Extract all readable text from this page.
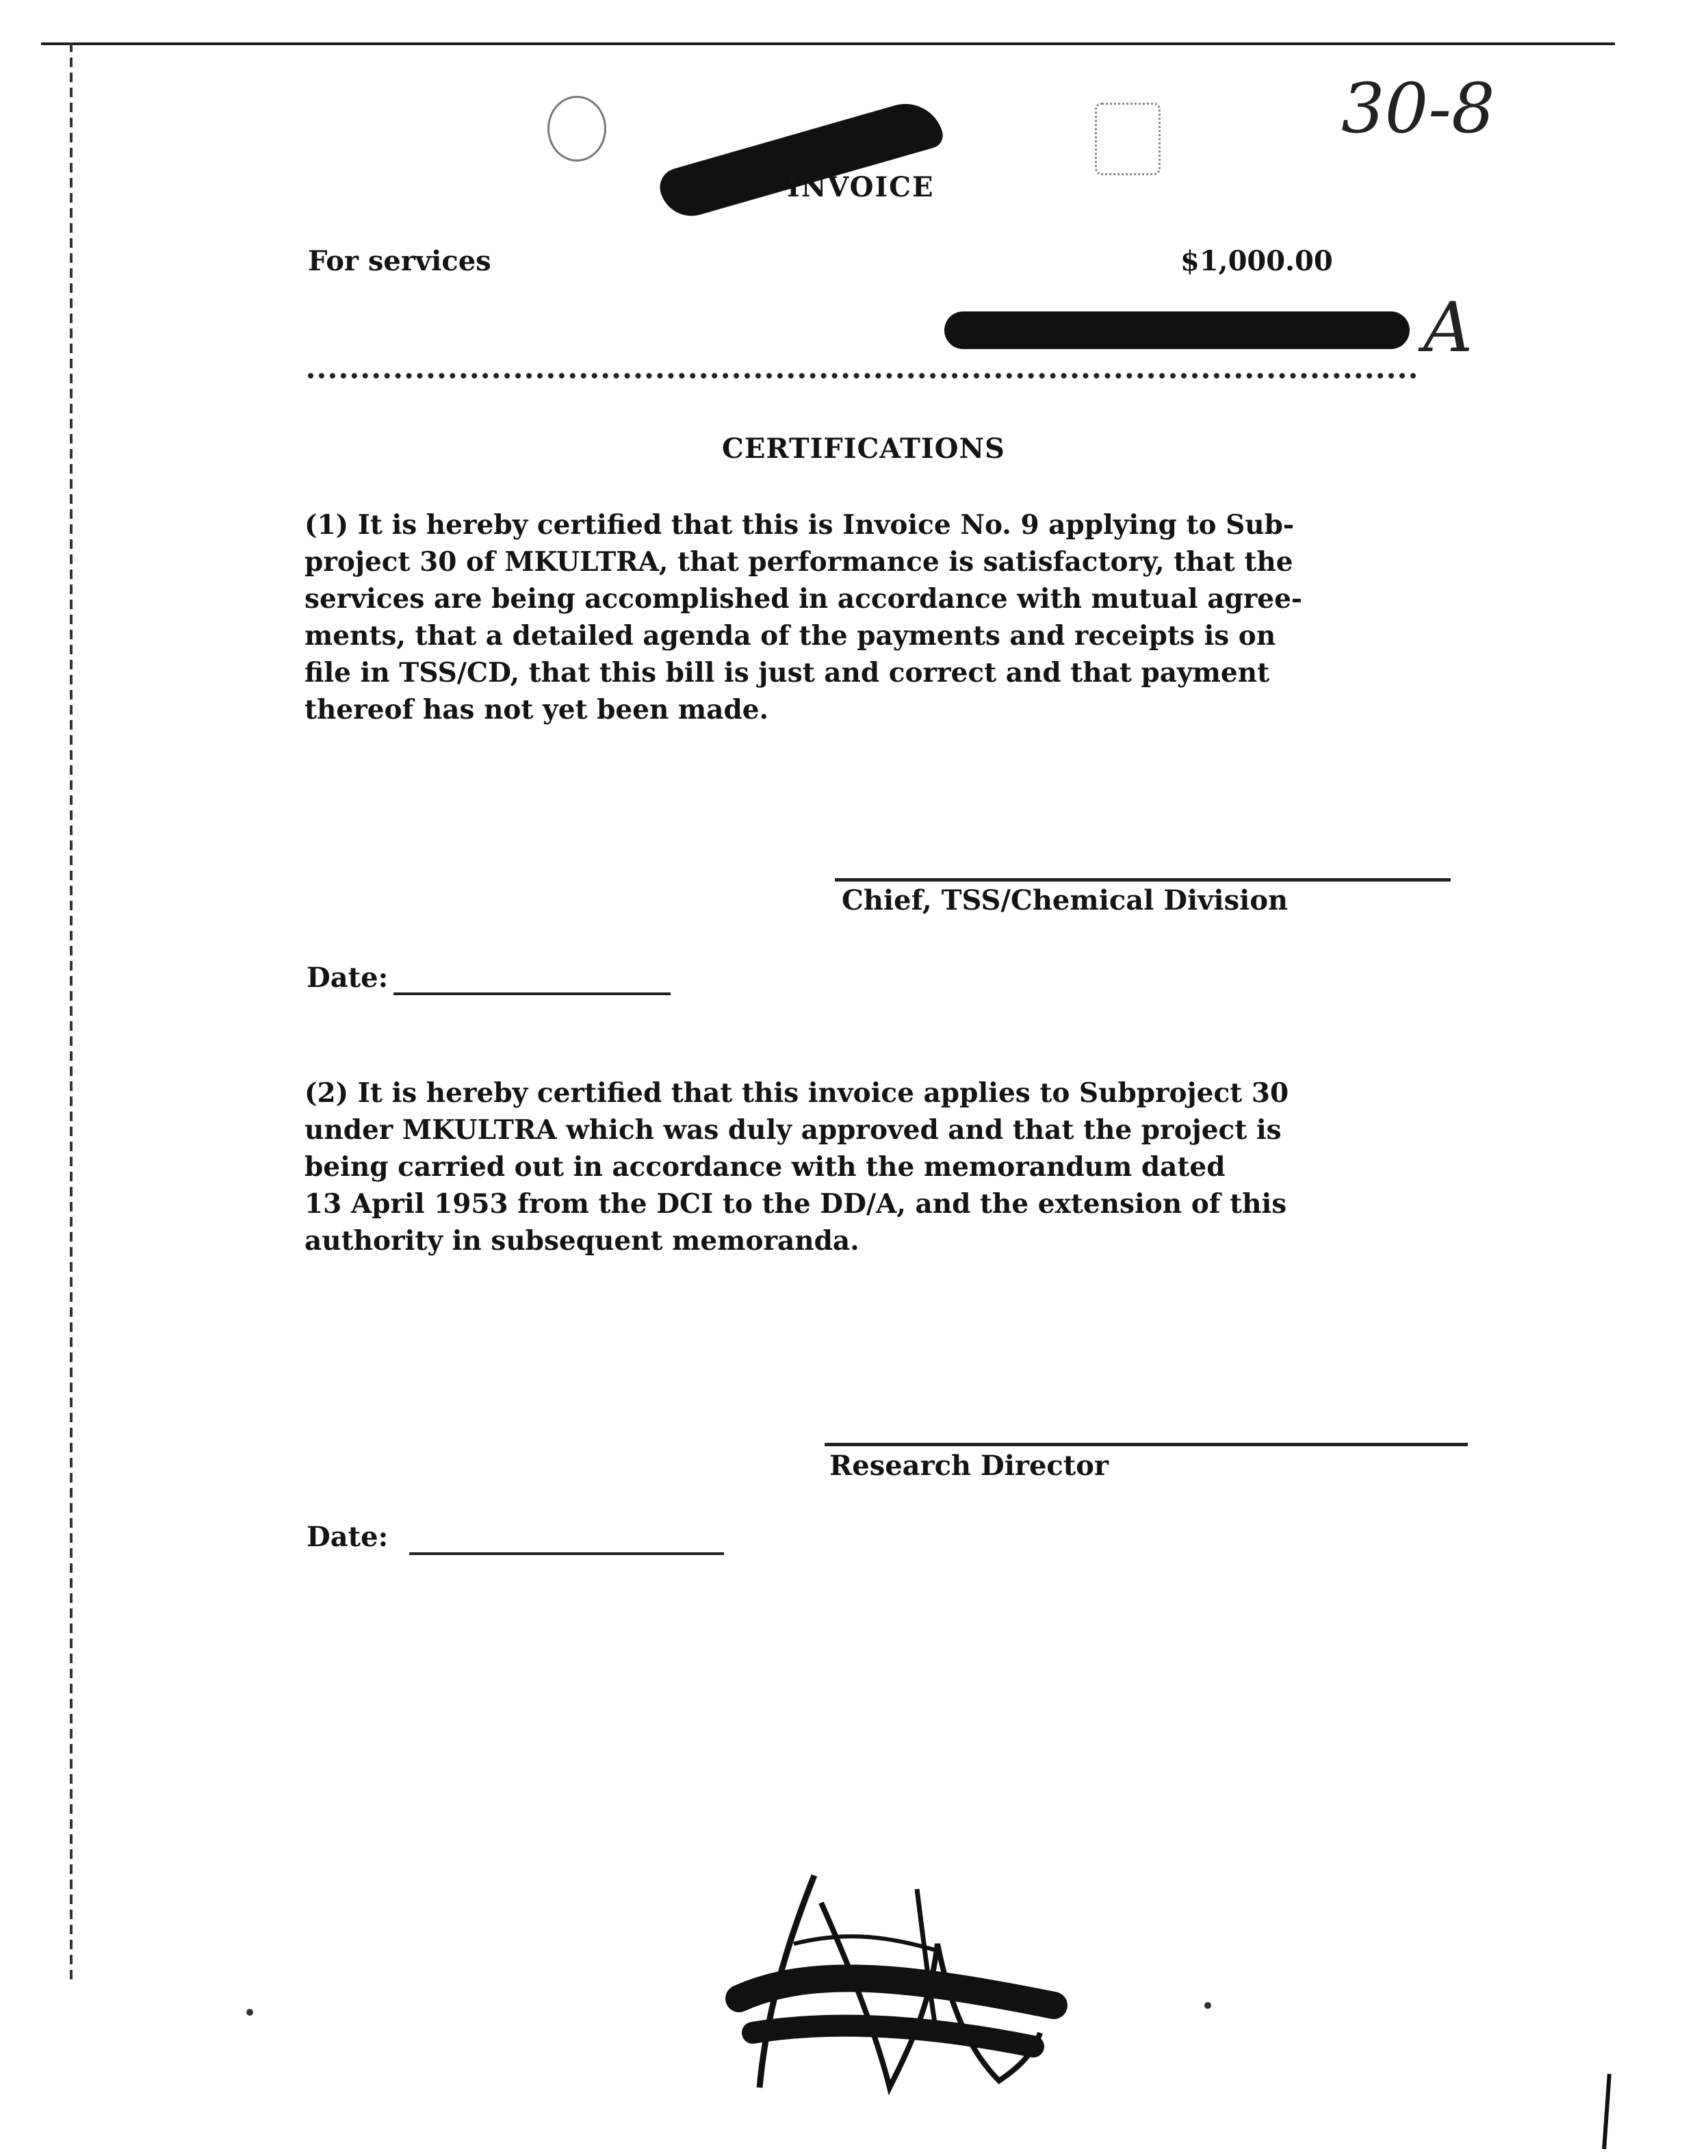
30-8
INVOICE
For services	$1,000.00
A
CERTIFICATIONS
(1) It is hereby certified that this is Invoice No. 9 applying to Sub-
project 30 of MKULTRA, that performance is satisfactory, that the
services are being accomplished in accordance with mutual agree-
ments, that a detailed agenda of the payments and receipts is on
file in TSS/CD, that this bill is just and correct and that payment
thereof has not yet been made.
Chief, TSS/Chemical Division
Date:
(2) It is hereby certified that this invoice applies to Subproject 30
under MKULTRA which was duly approved and that the project is
being carried out in accordance with the memorandum dated
13 April 1953 from the DCI to the DD/A, and the extension of this
authority in subsequent memoranda.
Research Director
Date:
